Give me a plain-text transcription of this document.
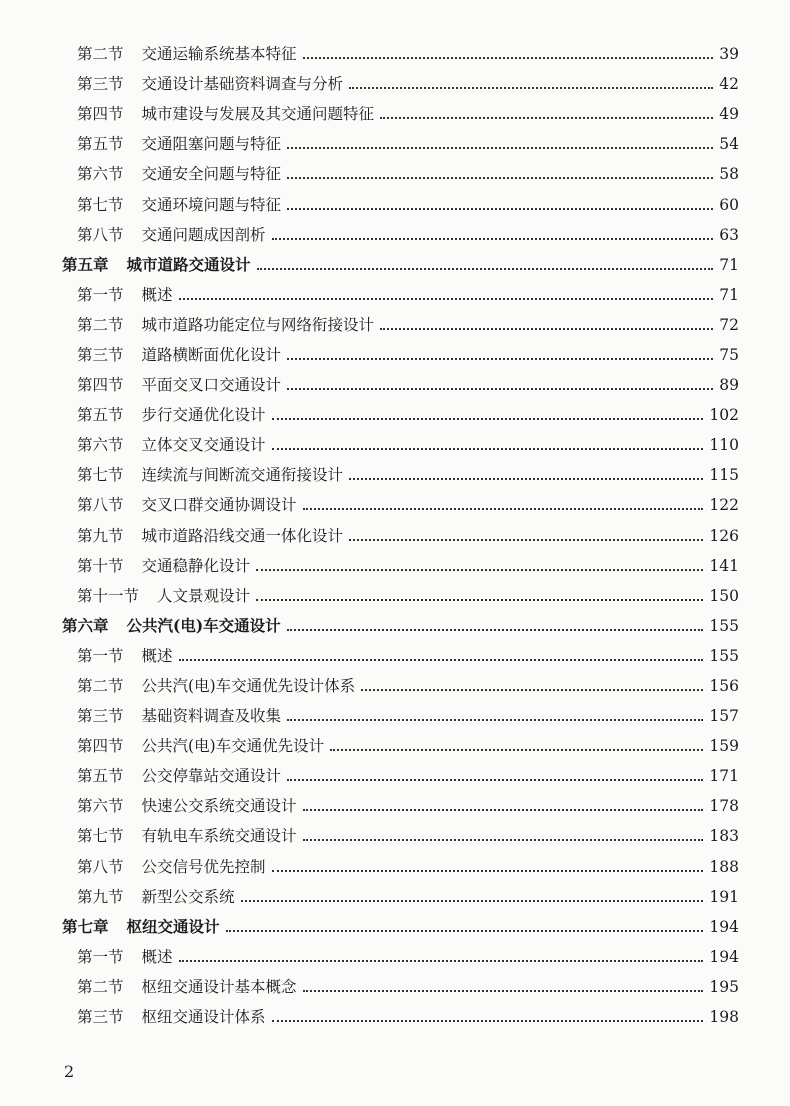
第二节 交通运输系统基本特征	39
第三节 交通设计基础资料调查与分析	42
第四节 城市建设与发展及其交通问题特征	49
第五节 交通阻塞问题与特征	54
第六节 交通安全问题与特征	58
第七节 交通环境问题与特征	60
第八节 交通问题成因剖析	63
第五章 城市道路交通设计	71
第一节 概述	71
第二节 城市道路功能定位与网络衔接设计	72
第三节 道路横断面优化设计	75
第四节 平面交叉口交通设计	89
第五节 步行交通优化设计	102
第六节 立体交叉交通设计	110
第七节 连续流与间断流交通衔接设计	115
第八节 交叉口群交通协调设计	122
第九节 城市道路沿线交通一体化设计	126
第十节 交通稳静化设计	141
第十一节 人文景观设计	150
第六章 公共汽(电)车交通设计	155
第一节 概述	155
第二节 公共汽(电)车交通优先设计体系	156
第三节 基础资料调查及收集	157
第四节 公共汽(电)车交通优先设计	159
第五节 公交停靠站交通设计	171
第六节 快速公交系统交通设计	178
第七节 有轨电车系统交通设计	183
第八节 公交信号优先控制	188
第九节 新型公交系统	191
第七章 枢纽交通设计	194
第一节 概述	194
第二节 枢纽交通设计基本概念	195
第三节 枢纽交通设计体系	198
2
